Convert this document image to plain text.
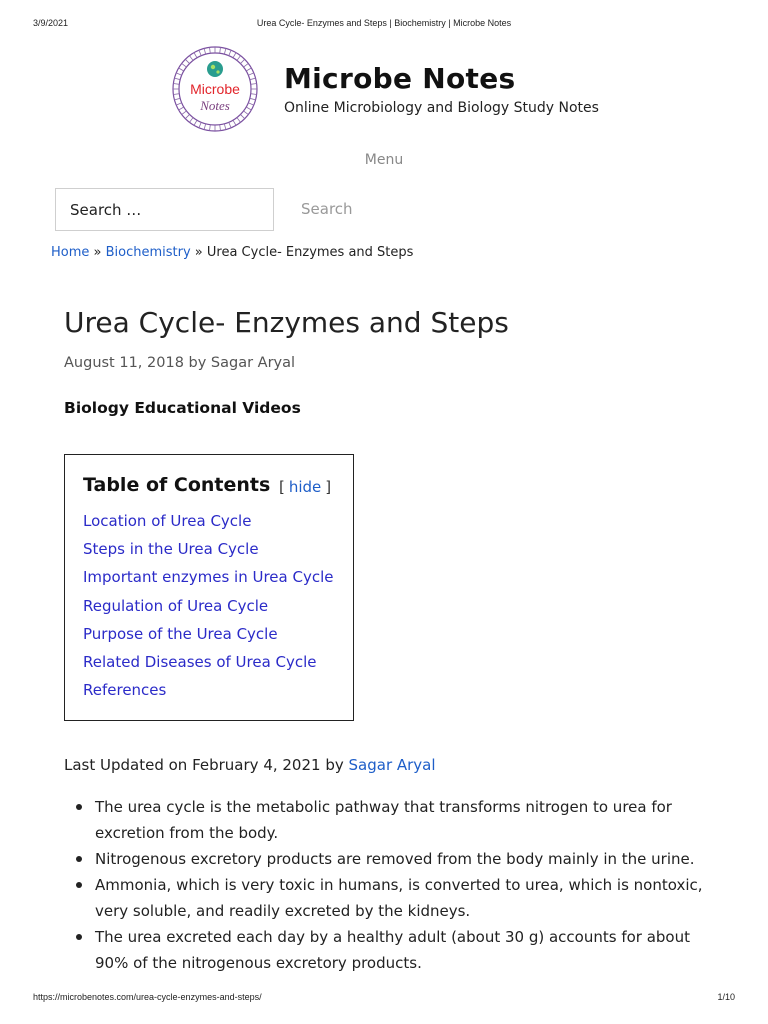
3/9/2021	Urea Cycle- Enzymes and Steps | Biochemistry | Microbe Notes
Microbe
Notes
Microbe Notes
Online Microbiology and Biology Study Notes
Menu
Search …	Search
Home » Biochemistry » Urea Cycle- Enzymes and Steps
Urea Cycle- Enzymes and Steps
August 11, 2018 by Sagar Aryal
Biology Educational Videos
Table of Contents [ hide ]
Location of Urea Cycle
Steps in the Urea Cycle
Important enzymes in Urea Cycle
Regulation of Urea Cycle
Purpose of the Urea Cycle
Related Diseases of Urea Cycle
References
Last Updated on February 4, 2021 by Sagar Aryal
The urea cycle is the metabolic pathway that transforms nitrogen to urea for excretion from the body.
Nitrogenous excretory products are removed from the body mainly in the urine.
Ammonia, which is very toxic in humans, is converted to urea, which is nontoxic, very soluble, and readily excreted by the kidneys.
The urea excreted each day by a healthy adult (about 30 g) accounts for about 90% of the nitrogenous excretory products.
https://microbenotes.com/urea-cycle-enzymes-and-steps/	1/10
